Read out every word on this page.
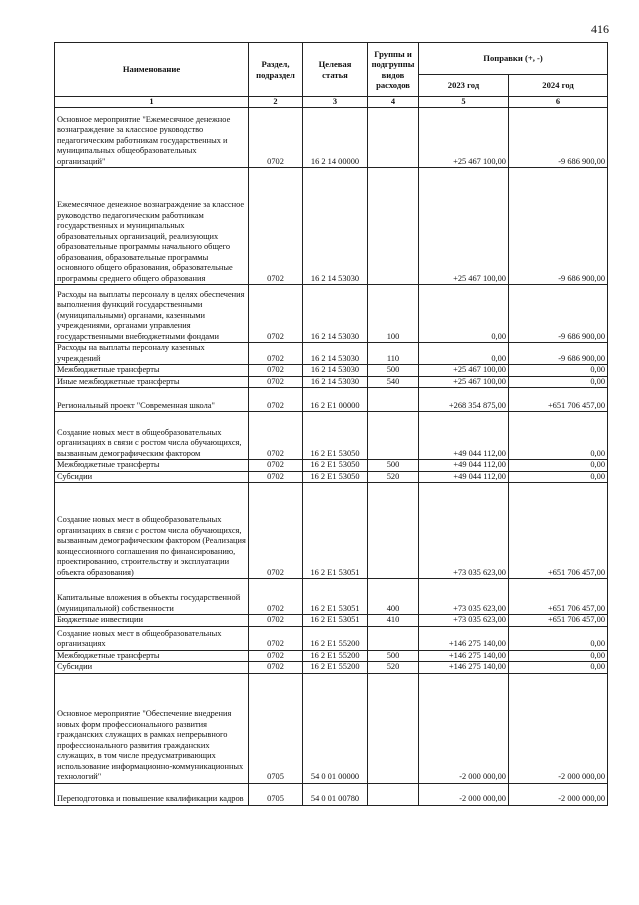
416
Наименование	Раздел, подраздел	Целевая статья	Группы и подгруппы видов расходов	Поправки (+, -)	
				2023 год	2024 год
1	2	3	4	5	6
Основное мероприятие "Ежемесячное денежное вознаграждение за классное руководство педагогическим работникам государственных и муниципальных общеобразовательных организаций"	0702	16 2 14 00000		+25 467 100,00	-9 686 900,00
Ежемесячное денежное вознаграждение за классное руководство педагогическим работникам государственных и муниципальных образовательных организаций, реализующих образовательные программы начального общего образования, образовательные программы основного общего образования, образовательные программы среднего общего образования	0702	16 2 14 53030		+25 467 100,00	-9 686 900,00
Расходы на выплаты персоналу в целях обеспечения выполнения функций государственными (муниципальными) органами, казенными учреждениями, органами управления государственными внебюджетными фондами	0702	16 2 14 53030	100	0,00	-9 686 900,00
Расходы на выплаты персоналу казенных учреждений	0702	16 2 14 53030	110	0,00	-9 686 900,00
Межбюджетные трансферты	0702	16 2 14 53030	500	+25 467 100,00	0,00
Иные межбюджетные трансферты	0702	16 2 14 53030	540	+25 467 100,00	0,00
Региональный проект "Современная школа"	0702	16 2 E1 00000		+268 354 875,00	+651 706 457,00
Создание новых мест в общеобразовательных организациях в связи с ростом числа обучающихся, вызванным демографическим фактором	0702	16 2 E1 53050		+49 044 112,00	0,00
Межбюджетные трансферты	0702	16 2 E1 53050	500	+49 044 112,00	0,00
Субсидии	0702	16 2 E1 53050	520	+49 044 112,00	0,00
Создание новых мест в общеобразовательных организациях в связи с ростом числа обучающихся, вызванным демографическим фактором (Реализация концессионного соглашения по финансированию, проектированию, строительству и эксплуатации объекта образования)	0702	16 2 E1 53051		+73 035 623,00	+651 706 457,00
Капитальные вложения в объекты государственной (муниципальной) собственности	0702	16 2 E1 53051	400	+73 035 623,00	+651 706 457,00
Бюджетные инвестиции	0702	16 2 E1 53051	410	+73 035 623,00	+651 706 457,00
Создание новых мест в общеобразовательных организациях	0702	16 2 E1 55200		+146 275 140,00	0,00
Межбюджетные трансферты	0702	16 2 E1 55200	500	+146 275 140,00	0,00
Субсидии	0702	16 2 E1 55200	520	+146 275 140,00	0,00
Основное мероприятие "Обеспечение внедрения новых форм профессионального развития гражданских служащих в рамках непрерывного профессионального развития гражданских служащих, в том числе предусматривающих использование информационно-коммуникационных технологий"	0705	54 0 01 00000		-2 000 000,00	-2 000 000,00
Переподготовка и повышение квалификации кадров	0705	54 0 01 00780		-2 000 000,00	-2 000 000,00
